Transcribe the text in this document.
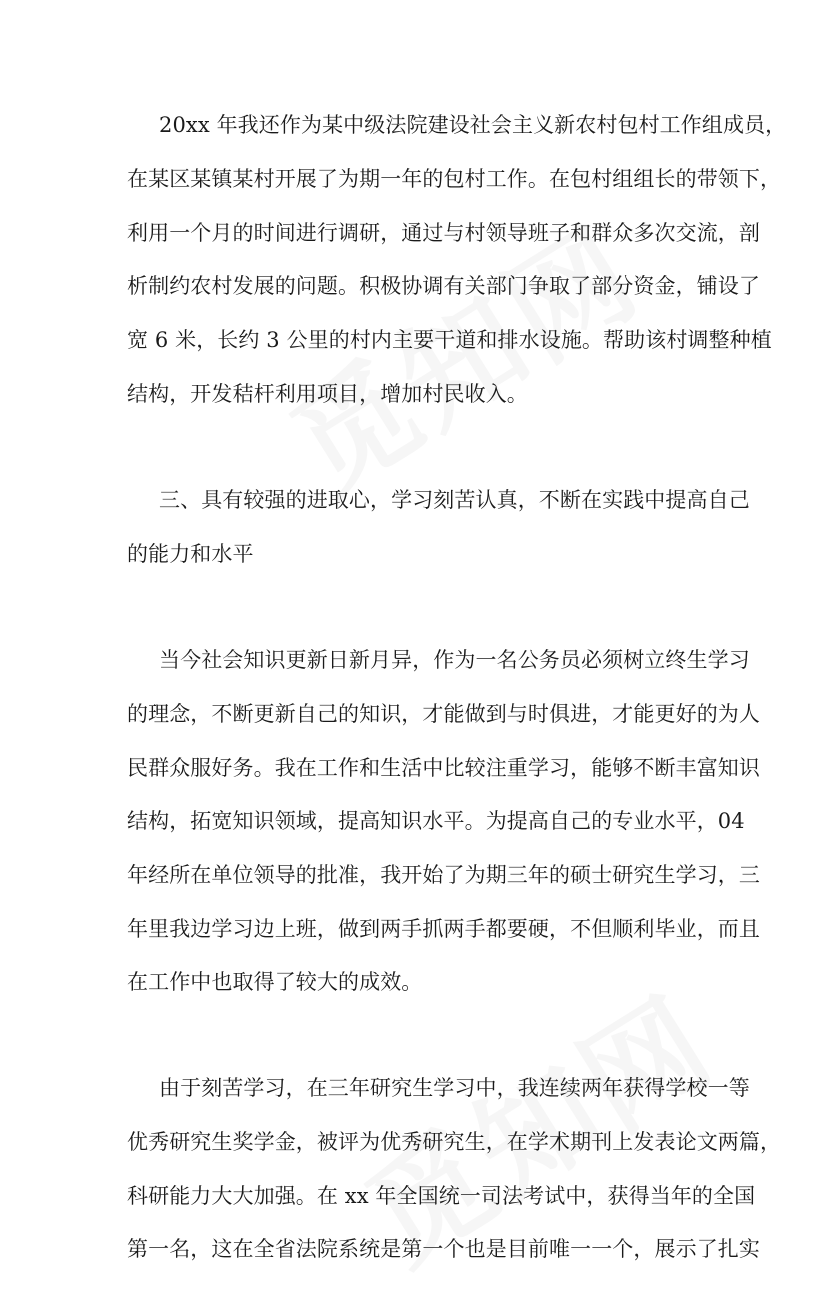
20xx 年我还作为某中级法院建设社会主义新农村包村工作组成员，
在某区某镇某村开展了为期一年的包村工作。在包村组组长的带领下，
利用一个月的时间进行调研，通过与村领导班子和群众多次交流，剖
析制约农村发展的问题。积极协调有关部门争取了部分资金，铺设了
宽 6 米，长约 3 公里的村内主要干道和排水设施。帮助该村调整种植
结构，开发秸杆利用项目，增加村民收入。
三、具有较强的进取心，学习刻苦认真，不断在实践中提高自己
的能力和水平
当今社会知识更新日新月异，作为一名公务员必须树立终生学习
的理念，不断更新自己的知识，才能做到与时俱进，才能更好的为人
民群众服好务。我在工作和生活中比较注重学习，能够不断丰富知识
结构，拓宽知识领域，提高知识水平。为提高自己的专业水平，04
年经所在单位领导的批准，我开始了为期三年的硕士研究生学习，三
年里我边学习边上班，做到两手抓两手都要硬，不但顺利毕业，而且
在工作中也取得了较大的成效。
由于刻苦学习，在三年研究生学习中，我连续两年获得学校一等
优秀研究生奖学金，被评为优秀研究生，在学术期刊上发表论文两篇，
科研能力大大加强。在 xx 年全国统一司法考试中，获得当年的全国
第一名，这在全省法院系统是第一个也是目前唯一一个，展示了扎实
